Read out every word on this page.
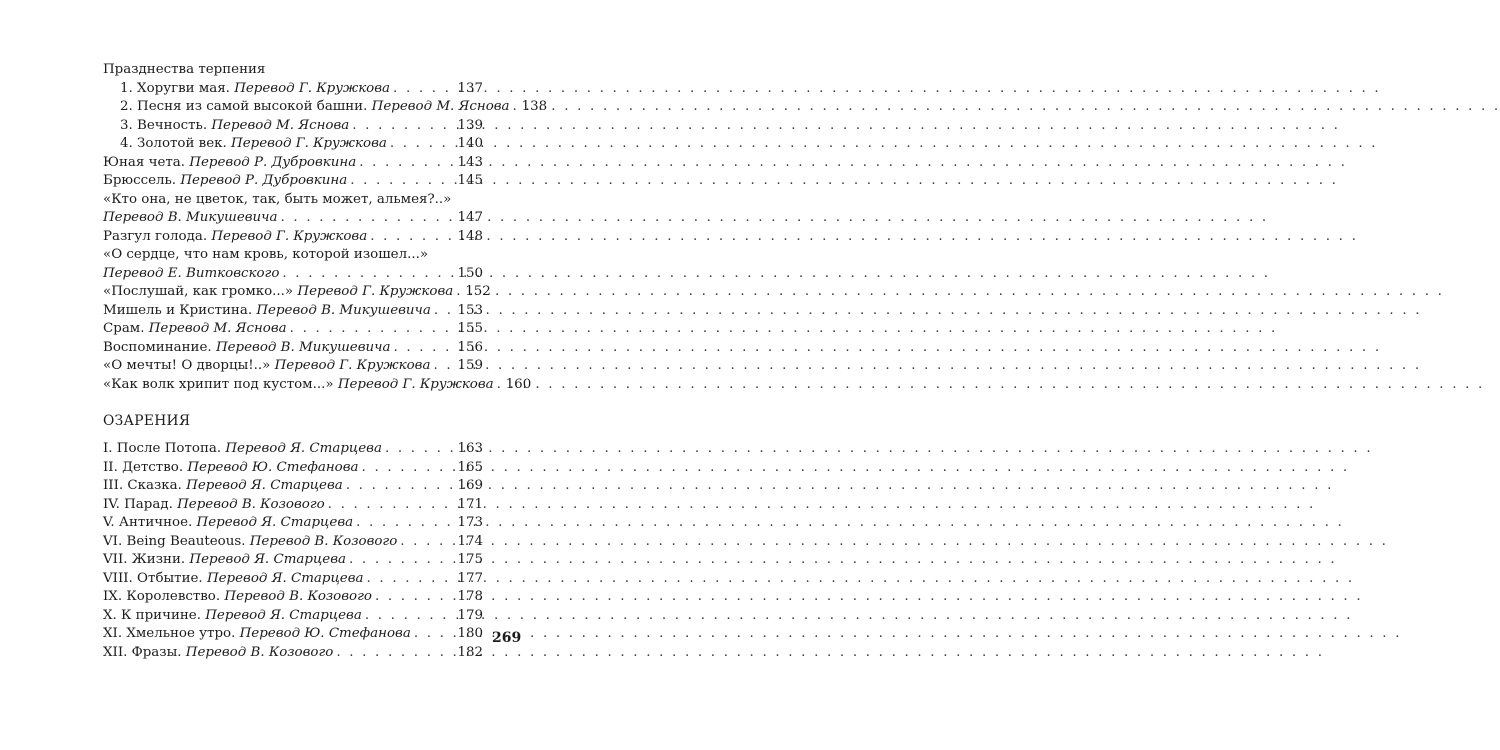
Празднества терпения
1. Хоругви мая. Перевод Г. Кружкова . . .	137
2. Песня из самой высокой башни. Перевод М. Яснова . . . 138
3. Вечность. Перевод М. Яснова . . .	139
4. Золотой век. Перевод Г. Кружкова . . .	140
Юная чета. Перевод Р. Дубровкина . . .	143
Брюссель. Перевод Р. Дубровкина . . .	145
«Кто она, не цветок, так, быть может, альмея?..»
Перевод В. Микушевича . . .	147
Разгул голода. Перевод Г. Кружкова . . .	148
«О сердце, что нам кровь, которой изошел...»
Перевод Е. Витковского . . .	150
«Послушай, как громко...» Перевод Г. Кружкова . . . 152
Мишель и Кристина. Перевод В. Микушевича . . . 153
Срам. Перевод М. Яснова . . .	155
Воспоминание. Перевод В. Микушевича . . .	156
«О мечты! О дворцы!..» Перевод Г. Кружкова . . . 159
«Как волк хрипит под кустом...» Перевод Г. Кружкова . . . 160
ОЗАРЕНИЯ
I. После Потопа. Перевод Я. Старцева . . .	163
II. Детство. Перевод Ю. Стефанова . . .	165
III. Сказка. Перевод Я. Старцева . . .	169
IV. Парад. Перевод В. Козового . . .	171
V. Античное. Перевод Я. Старцева . . .	173
VI. Being Beauteous. Перевод В. Козового . . .	174
VII. Жизни. Перевод Я. Старцева . . .	175
VIII. Отбытие. Перевод Я. Старцева . . .	177
IX. Королевство. Перевод В. Козового . . .	178
X. К причине. Перевод Я. Старцева . . .	179
XI. Хмельное утро. Перевод Ю. Стефанова . . .	180
XII. Фразы. Перевод В. Козового . . .	182
269
